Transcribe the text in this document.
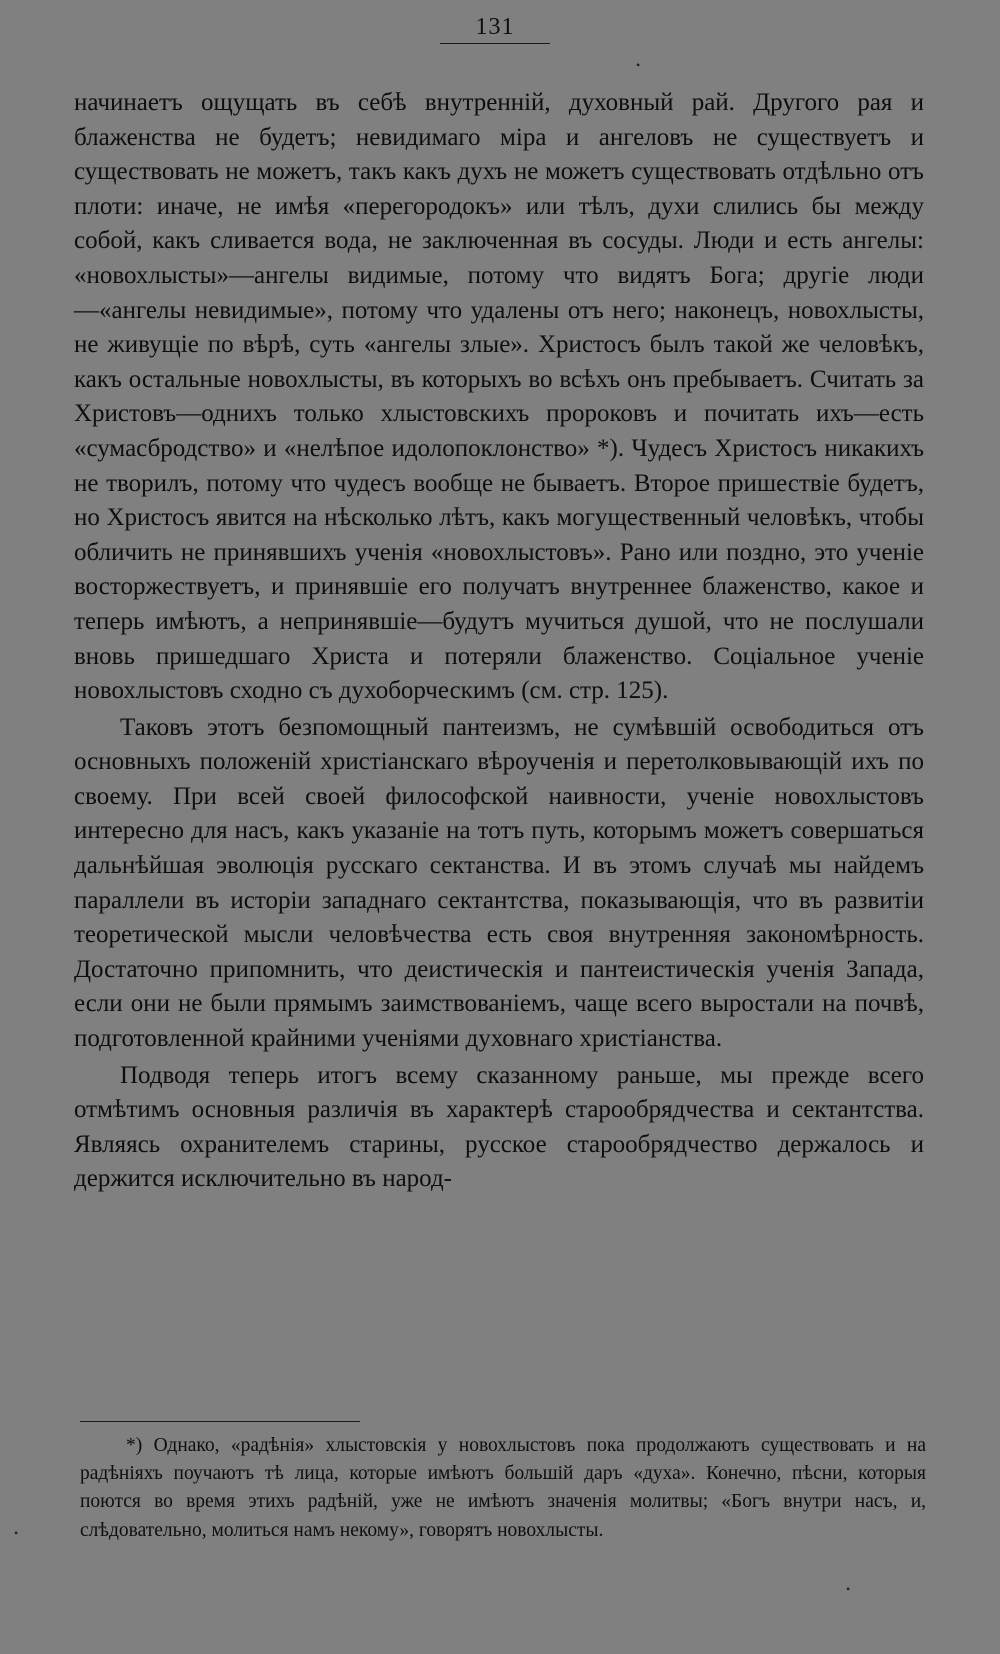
131

начинаетъ ощущать въ себѣ внутренній, духовный рай. Другого рая и блаженства не будетъ; невидимаго міра и ангеловъ не существуетъ и существовать не можетъ, такъ какъ духъ не можетъ существовать отдѣльно отъ плоти: иначе, не имѣя «перегородокъ» или тѣлъ, духи слились бы между собой, какъ сливается вода, не заключенная въ сосуды. Люди и есть ангелы: «новохлысты»—ангелы видимые, потому что видятъ Бога; другіе люди—«ангелы невидимые», потому что удалены отъ него; наконецъ, новохлысты, не живущіе по вѣрѣ, суть «ангелы злые». Христосъ былъ такой же человѣкъ, какъ остальные новохлысты, въ которыхъ во всѣхъ онъ пребываетъ. Считать за Христовъ—однихъ только хлыстовскихъ пророковъ и почитать ихъ—есть «сумасбродство» и «нелѣпое идолопоклонство» *). Чудесъ Христосъ никакихъ не творилъ, потому что чудесъ вообще не бываетъ. Второе пришествіе будетъ, но Христосъ явится на нѣсколько лѣтъ, какъ могущественный человѣкъ, чтобы обличить не принявшихъ ученія «новохлыстовъ». Рано или поздно, это ученіе восторжествуетъ, и принявшіе его получатъ внутреннее блаженство, какое и теперь имѣютъ, а непринявшіе—будутъ мучиться душой, что не послушали вновь пришедшаго Христа и потеряли блаженство. Соціальное ученіе новохлыстовъ сходно съ духоборческимъ (см. стр. 125).

Таковъ этотъ безпомощный пантеизмъ, не сумѣвшій освободиться отъ основныхъ положеній христіанскаго вѣроученія и перетолковывающій ихъ по своему. При всей своей философской наивности, ученіе новохлыстовъ интересно для насъ, какъ указаніе на тотъ путь, которымъ можетъ совершаться дальнѣйшая эволюція русскаго сектанства. И въ этомъ случаѣ мы найдемъ параллели въ исторіи западнаго сектантства, показывающія, что въ развитіи теоретической мысли человѣчества есть своя внутренняя закономѣрность. Достаточно припомнить, что деистическія и пантеистическія ученія Запада, если они не были прямымъ заимствованіемъ, чаще всего выростали на почвѣ, подготовленной крайними ученіями духовнаго христіанства.

Подводя теперь итогъ всему сказанному раньше, мы прежде всего отмѣтимъ основныя различія въ характерѣ старообрядчества и сектантства. Являясь охранителемъ старины, русское старообрядчество держалось и держится исключительно въ народ-

*) Однако, «радѣнія» хлыстовскія у новохлыстовъ пока продолжаютъ существовать и на радѣніяхъ поучаютъ тѣ лица, которые имѣютъ большій даръ «духа». Конечно, пѣсни, которыя поются во время этихъ радѣній, уже не имѣютъ значенія молитвы; «Богъ внутри насъ, и, слѣдовательно, молиться намъ некому», говорятъ новохлысты.

•
•
•
